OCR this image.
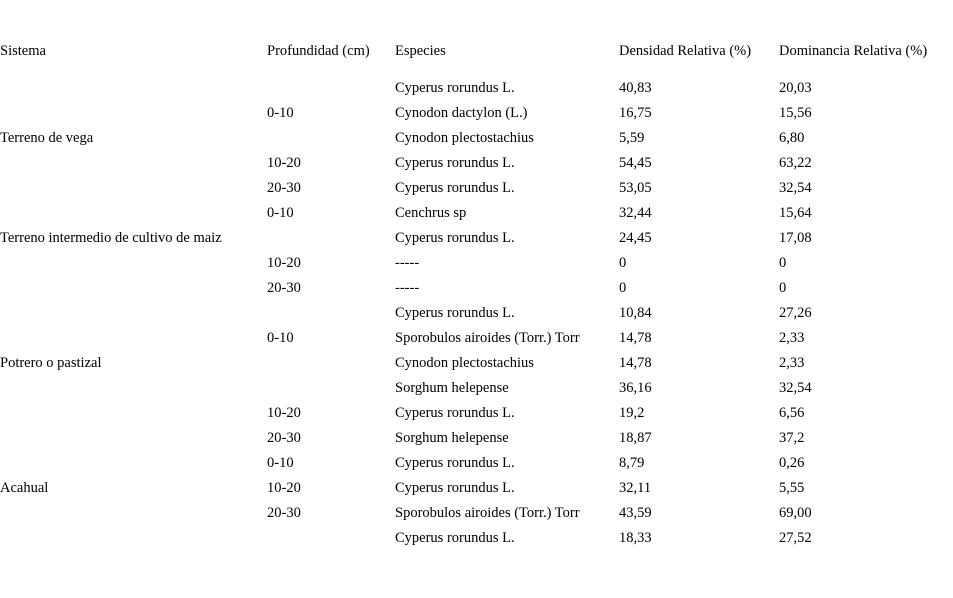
Sistema	Profundidad (cm)	Especies	Densidad Relativa (%)	Dominancia Relativa (%)
		Cyperus rorundus L.	40,83	20,03
	0-10	Cynodon dactylon (L.)	16,75	15,56
Terreno de vega		Cynodon plectostachius	5,59	6,80
	10-20	Cyperus rorundus L.	54,45	63,22
	20-30	Cyperus rorundus L.	53,05	32,54
	0-10	Cenchrus sp	32,44	15,64
Terreno intermedio de cultivo de maiz		Cyperus rorundus L.	24,45	17,08
	10-20	-----	0	0
	20-30	-----	0	0
		Cyperus rorundus L.	10,84	27,26
	0-10	Sporobulos airoides (Torr.) Torr	14,78	2,33
Potrero o pastizal		Cynodon plectostachius	14,78	2,33
		Sorghum helepense	36,16	32,54
	10-20	Cyperus rorundus L.	19,2	6,56
	20-30	Sorghum helepense	18,87	37,2
	0-10	Cyperus rorundus L.	8,79	0,26
Acahual	10-20	Cyperus rorundus L.	32,11	5,55
	20-30	Sporobulos airoides (Torr.) Torr	43,59	69,00
		Cyperus rorundus L.	18,33	27,52
